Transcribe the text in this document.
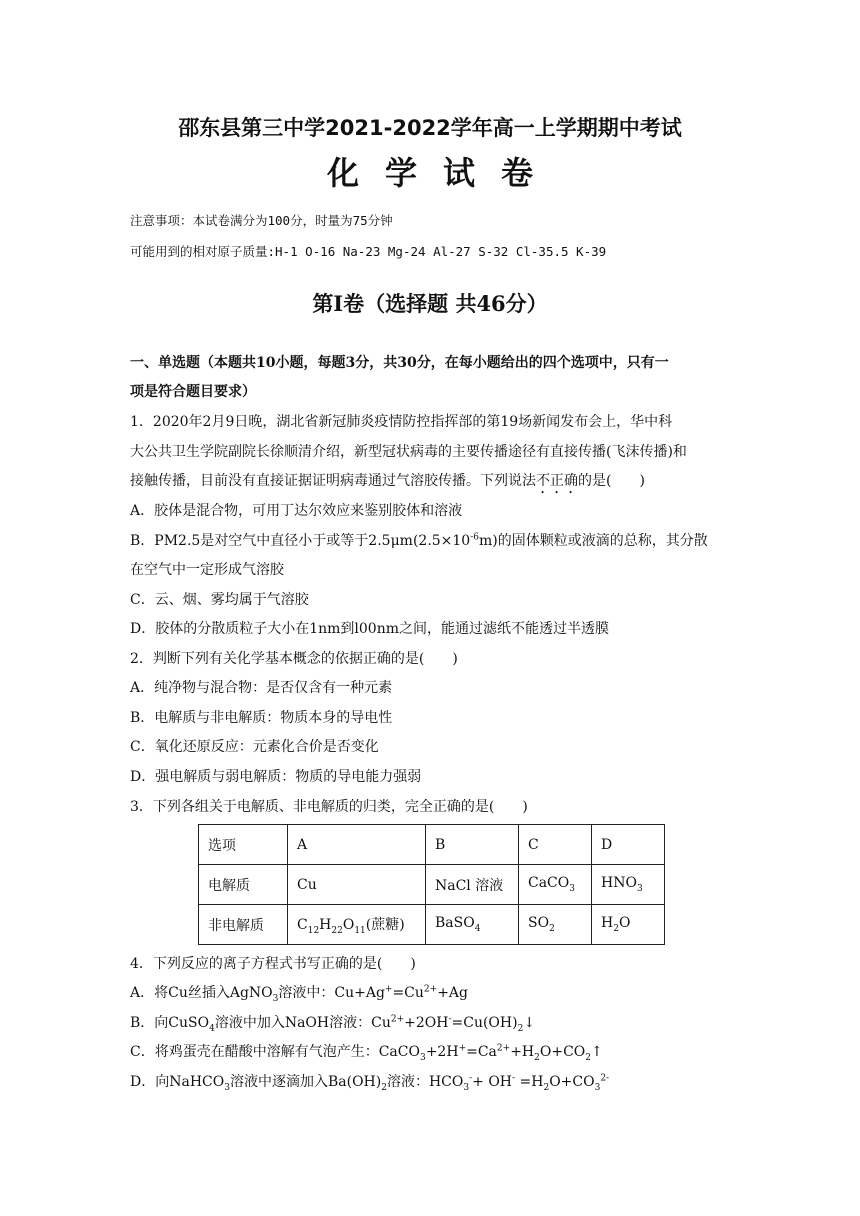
邵东县第三中学2021-2022学年高一上学期期中考试
化学试卷
注意事项：本试卷满分为100分，时量为75分钟
可能用到的相对原子质量:H-1 O-16 Na-23 Mg-24 Al-27 S-32 Cl-35.5 K-39
第Ⅰ卷（选择题 共46分）
一、单选题（本题共10小题，每题3分，共30分，在每小题给出的四个选项中，只有一
项是符合题目要求）
1．2020年2月9日晚，湖北省新冠肺炎疫情防控指挥部的第19场新闻发布会上，华中科
大公共卫生学院副院长徐顺清介绍，新型冠状病毒的主要传播途径有直接传播(飞沫传播)和
接触传播，目前没有直接证据证明病毒通过气溶胶传播。下列说法不正确的是(　　)
A．胶体是混合物，可用丁达尔效应来鉴别胶体和溶液
B．PM2.5是对空气中直径小于或等于$2.5\mu m(2.5\times 10^{-6}m)$的固体颗粒或液滴的总称，其分散
在空气中一定形成气溶胶
C．云、烟、雾均属于气溶胶
D．胶体的分散质粒子大小在1nm到l00nm之间，能通过滤纸不能透过半透膜
2．判断下列有关化学基本概念的依据正确的是(　　)
A．纯净物与混合物：是否仅含有一种元素
B．电解质与非电解质：物质本身的导电性
C．氧化还原反应：元素化合价是否变化
D．强电解质与弱电解质：物质的导电能力强弱
3．下列各组关于电解质、非电解质的归类，完全正确的是(　　)
选项	A	B	C	D
电解质	Cu	NaCl 溶液	CaCO$_3$	$HNO_3$
非电解质	$C_{12}H_{22}O_{11}$(蔗糖)	BaSO$_4$	$SO_2$	$H_2O$
4．下列反应的离子方程式书写正确的是(　　)
A．将Cu丝插入AgNO$_3$溶液中：$Cu+Ag^+=Cu^{2+}+Ag$
B．向CuSO$_4$溶液中加入NaOH溶液：$Cu^{2+}+2OH^-=Cu(OH)_2↓$
C．将鸡蛋壳在醋酸中溶解有气泡产生：$CaCO_3+2H^+=Ca^{2+}+H_2O+CO_2↑$
D．向NaHCO$_3$溶液中逐滴加入$Ba(OH)_2$溶液：$HCO_3^-+ OH^- =H_2O+CO_3^{2-}$
